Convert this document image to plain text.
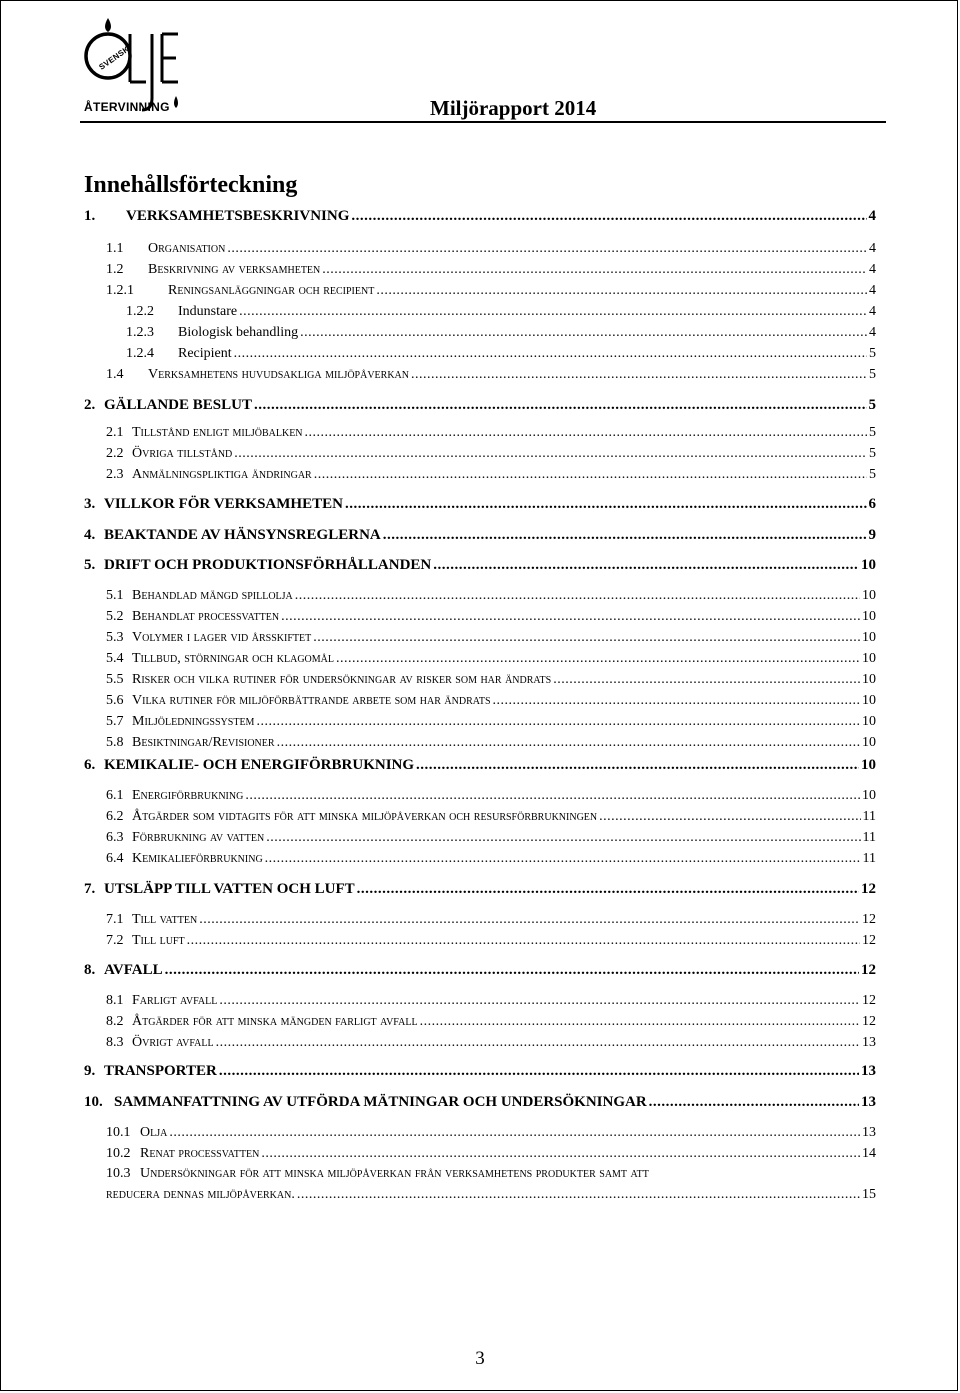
SVENSK
ÅTERVINNING	Miljörapport 2014
Innehållsförteckning
1.	VERKSAMHETSBESKRIVNING .....	4
1.1	Organisation .....	4
1.2	Beskrivning av verksamheten .....	4
1.2.1	Reningsanläggningar och recipient .....	4
1.2.2	Indunstare .....	4
1.2.3	Biologisk behandling .....	4
1.2.4	Recipient .....	5
1.4	Verksamhetens huvudsakliga miljöpåverkan .....	5
2. GÄLLANDE BESLUT .....	5
2.1 Tillstånd enligt miljöbalken .....	5
2.2 Övriga tillstånd .....	5
2.3 Anmälningspliktiga ändringar .....	5
3. VILLKOR FÖR VERKSAMHETEN .....	6
4. BEAKTANDE AV HÄNSYNSREGLERNA .....	9
5. DRIFT OCH PRODUKTIONSFÖRHÅLLANDEN .....	10
5.1 Behandlad mängd spillolja .....	10
5.2 Behandlat processvatten .....	10
5.3 Volymer i lager vid årsskiftet .....	10
5.4 Tillbud, störningar och klagomål .....	10
5.5 Risker och vilka rutiner för undersökningar av risker som har ändrats .....	10
5.6 Vilka rutiner för miljöförbättrande arbete som har ändrats .....	10
5.7 Miljöledningssystem .....	10
5.8 Besiktningar/Revisioner .....	10
6. KEMIKALIE- OCH ENERGIFÖRBRUKNING .....	10
6.1 Energiförbrukning .....	10
6.2 Åtgärder som vidtagits för att minska miljöpåverkan och resursförbrukningen .....	11
6.3 Förbrukning av vatten .....	11
6.4 Kemikalieförbrukning .....	11
7. UTSLÄPP TILL VATTEN OCH LUFT .....	12
7.1 Till vatten .....	12
7.2 Till luft .....	12
8. AVFALL .....	12
8.1 Farligt avfall .....	12
8.2 Åtgärder för att minska mängden farligt avfall .....	12
8.3 Övrigt avfall .....	13
9. TRANSPORTER .....	13
10. SAMMANFATTNING AV UTFÖRDA MÄTNINGAR OCH UNDERSÖKNINGAR .....	13
10.1 Olja .....	13
10.2 Renat processvatten .....	14
10.3 Undersökningar för att minska miljöpåverkan från verksamhetens produkter samt att
reducera dennas miljöpåverkan. .....	15
3
